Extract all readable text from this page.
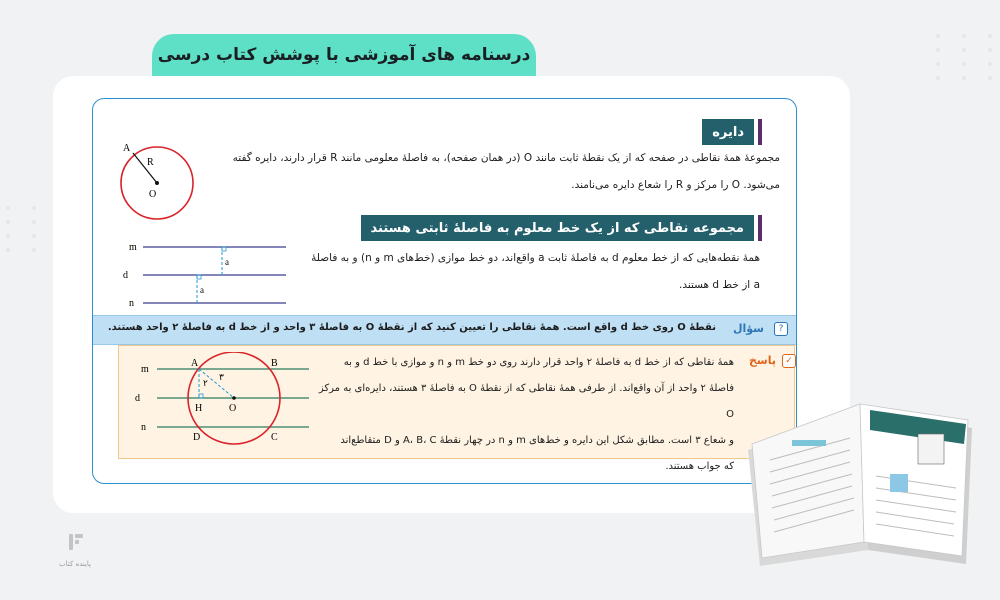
درسنامه های آموزشی با پوشش کتاب درسی
دایره
مجموعهٔ همهٔ نقاطی در صفحه که از یک نقطهٔ ثابت مانند O (در همان صفحه)، به فاصلهٔ معلومی مانند R قرار دارند، دایره گفته
می‌شود. O را مرکز و R را شعاع دایره می‌نامند.
A
R
O
مجموعه نقاطی که از یک خط معلوم به فاصلهٔ ثابتی هستند
همهٔ نقطه‌هایی که از خط معلوم d به فاصلهٔ ثابت a واقع‌اند، دو خط موازی (خط‌های m و n) و به فاصلهٔ
a از خط d هستند.
m
d
n
a
a
?
سؤال
نقطهٔ O روی خط d واقع است. همهٔ نقاطی را تعیین کنید که از نقطهٔ O به فاصلهٔ ۳ واحد و از خط d به فاصلهٔ ۲ واحد هستند.
✓
پاسخ
همهٔ نقاطی که از خط d به فاصلهٔ ۲ واحد قرار دارند روی دو خط m و n و موازی با خط d و به
فاصلهٔ ۲ واحد از آن واقع‌اند. از طرفی همهٔ نقاطی که از نقطهٔ O به فاصلهٔ ۳ هستند، دایره‌ای به مرکز O
و شعاع ۳ است. مطابق شکل این دایره و خط‌های m و n در چهار نقطهٔ A، B، C و D متقاطع‌اند
که جواب هستند.
m
d
n
A	B
C
D
H	O
۲
۳
پاینده کتاب
